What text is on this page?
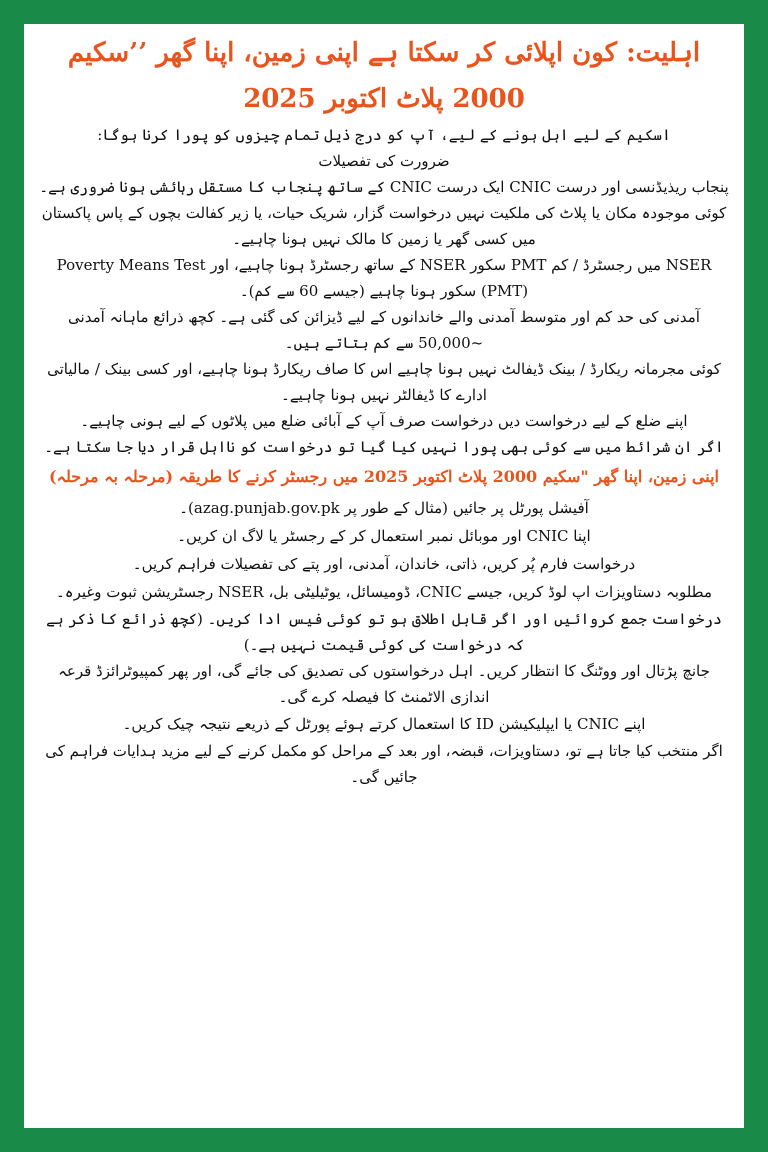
اہلیت: کون اپلائی کر سکتا ہے اپنی زمین، اپنا گھر ’’سکیم 2000 پلاٹ اکتوبر 2025

اسکیم کے لیے اہل ہونے کے لیے، آپ کو درج ذیل تمام چیزوں کو پورا کرنا ہوگا:

ضرورت کی تفصیلات

پنجاب ریذیڈنسی اور درست CNIC ایک درست CNIC کے ساتھ پنجاب کا مستقل رہائشی ہونا ضروری ہے۔

کوئی موجودہ مکان یا پلاٹ کی ملکیت نہیں درخواست گزار، شریک حیات، یا زیر کفالت بچوں کے پاس پاکستان میں کسی گھر یا زمین کا مالک نہیں ہونا چاہیے۔

NSER میں رجسٹرڈ / کم PMT سکور NSER کے ساتھ رجسٹرڈ ہونا چاہیے، اور Poverty Means Test (PMT) سکور ہونا چاہیے (جیسے 60 سے کم)۔

آمدنی کی حد کم اور متوسط آمدنی والے خاندانوں کے لیے ڈیزائن کی گئی ہے۔ کچھ ذرائع ماہانہ آمدنی ~50,000 سے کم بتاتے ہیں۔

کوئی مجرمانہ ریکارڈ / بینک ڈیفالٹ نہیں ہونا چاہیے اس کا صاف ریکارڈ ہونا چاہیے، اور کسی بینک / مالیاتی ادارے کا ڈیفالٹر نہیں ہونا چاہیے۔

اپنے ضلع کے لیے درخواست دیں درخواست صرف آپ کے آبائی ضلع میں پلاٹوں کے لیے ہونی چاہیے۔

اگر ان شرائط میں سے کوئی بھی پورا نہیں کیا گیا تو درخواست کو نااہل قرار دیا جا سکتا ہے۔

اپنی زمین، اپنا گھر "سکیم 2000 پلاٹ اکتوبر 2025 میں رجسٹر کرنے کا طریقہ (مرحلہ بہ مرحلہ)

آفیشل پورٹل پر جائیں (مثال کے طور پر azag.punjab.gov.pk)۔

اپنا CNIC اور موبائل نمبر استعمال کر کے رجسٹر یا لاگ ان کریں۔

درخواست فارم پُر کریں، ذاتی، خاندان، آمدنی، اور پتے کی تفصیلات فراہم کریں۔

مطلوبہ دستاویزات اپ لوڈ کریں، جیسے CNIC، ڈومیسائل، یوٹیلیٹی بل، NSER رجسٹریشن ثبوت وغیرہ۔

درخواست جمع کروائیں اور اگر قابل اطلاق ہو تو کوئی فیس ادا کریں۔ (کچھ ذرائع کا ذکر ہے کہ درخواست کی کوئی قیمت نہیں ہے۔)

جانچ پڑتال اور ووٹنگ کا انتظار کریں۔ اہل درخواستوں کی تصدیق کی جائے گی، اور پھر کمپیوٹرائزڈ قرعہ اندازی الاٹمنٹ کا فیصلہ کرے گی۔

اپنے CNIC یا ایپلیکیشن ID کا استعمال کرتے ہوئے پورٹل کے ذریعے نتیجہ چیک کریں۔

اگر منتخب کیا جاتا ہے تو، دستاویزات، قبضہ، اور بعد کے مراحل کو مکمل کرنے کے لیے مزید ہدایات فراہم کی جائیں گی۔
